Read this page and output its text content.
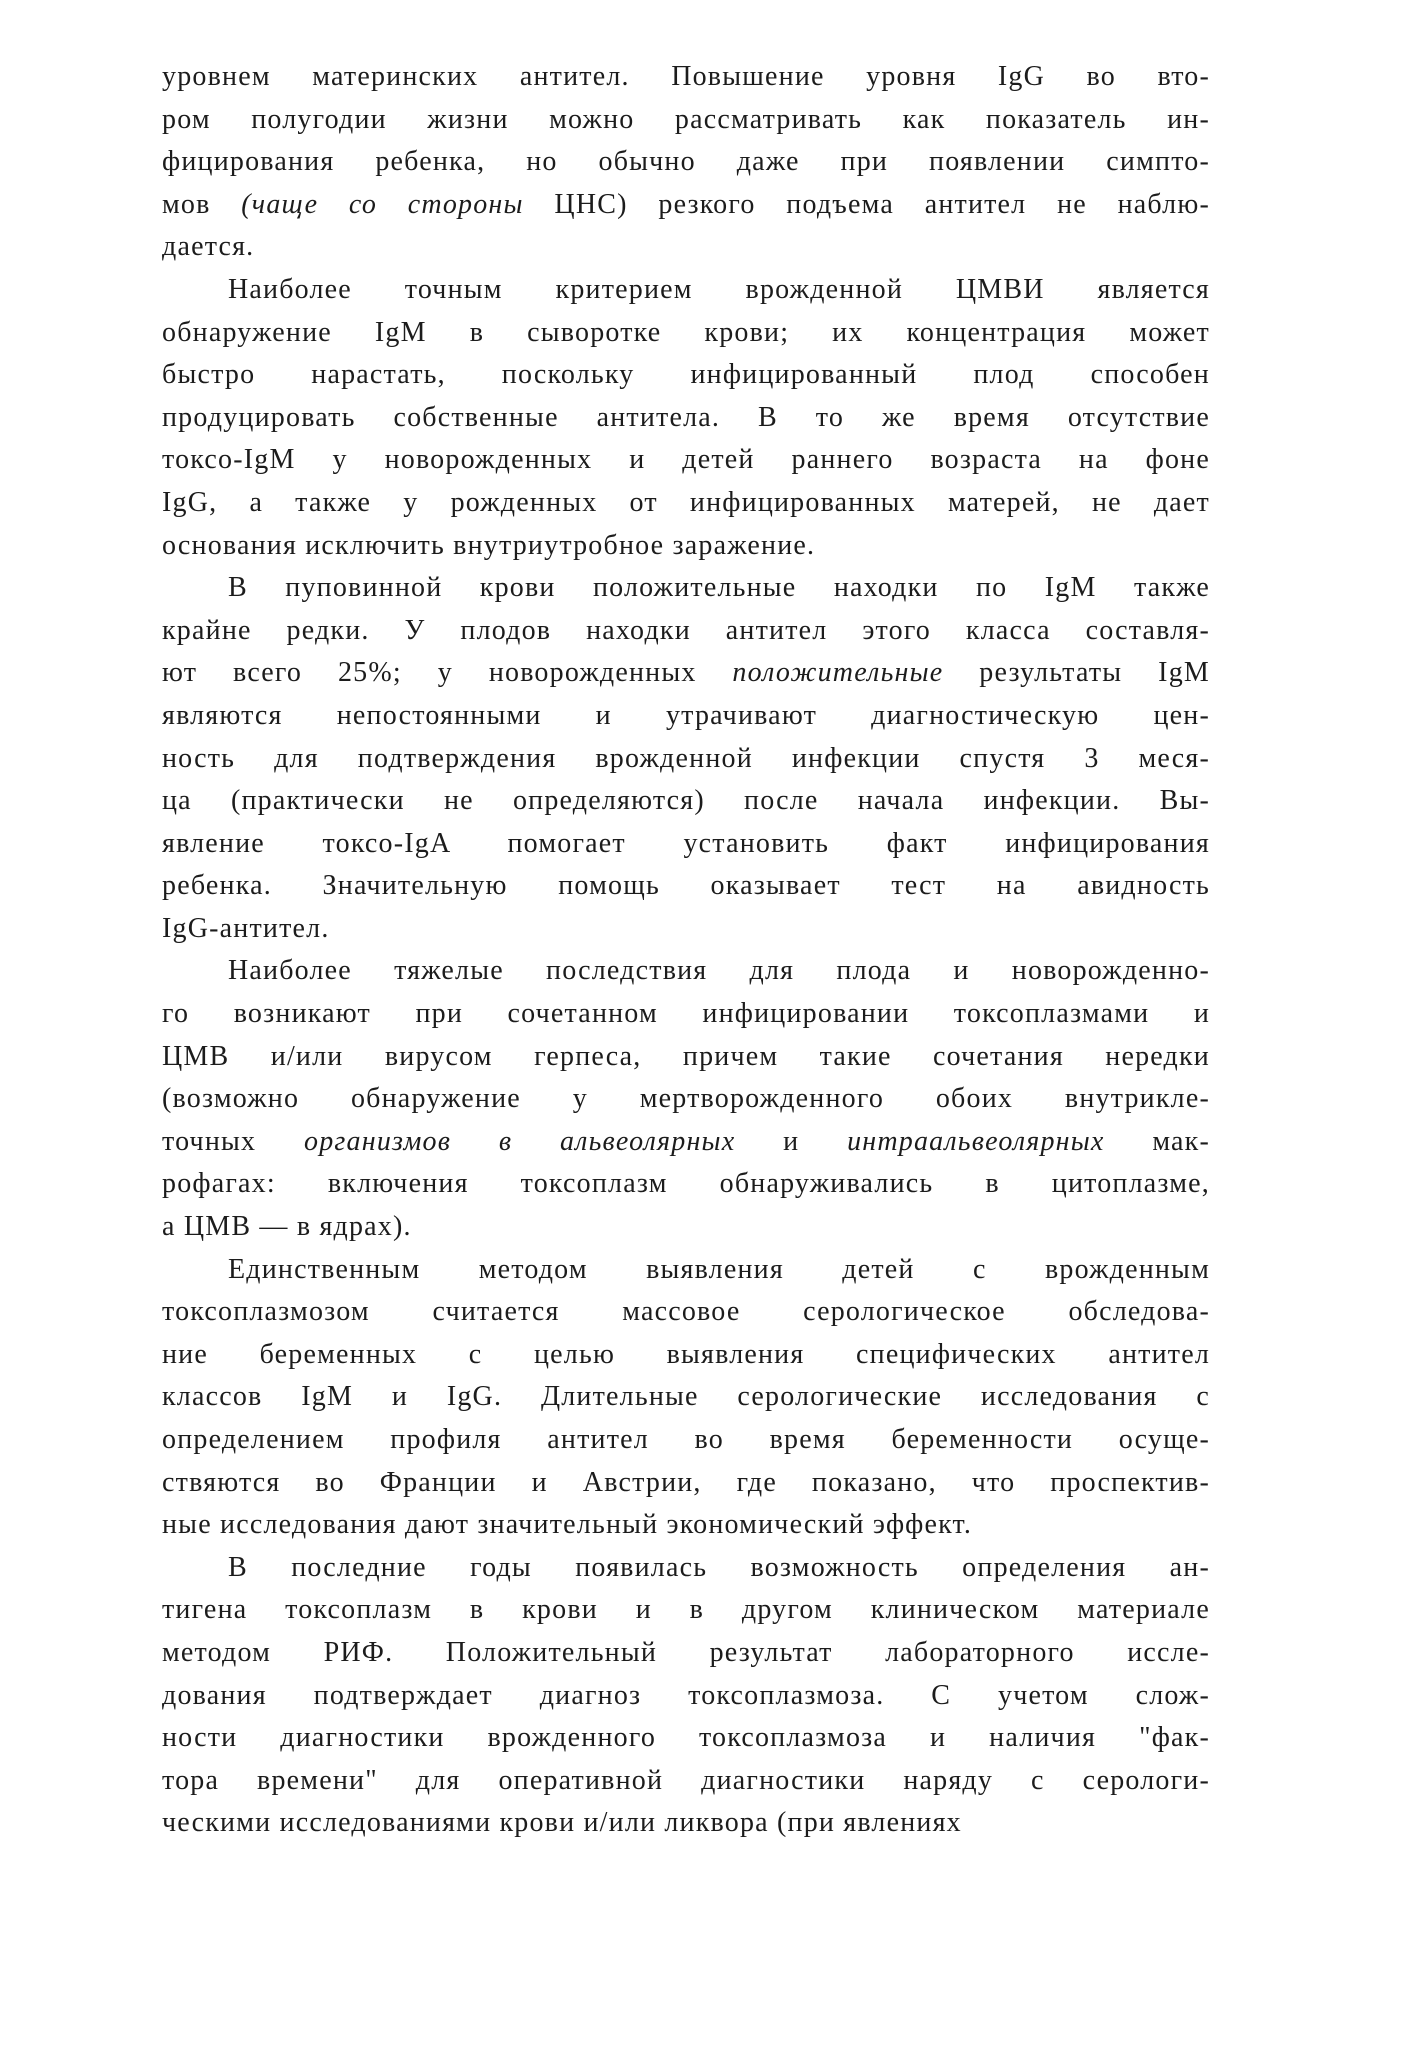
уровнем материнских антител. Повышение уровня IgG во вто-
ром полугодии жизни можно рассматривать как показатель ин-
фицирования ребенка, но обычно даже при появлении симпто-
мов (чаще со стороны ЦНС) резкого подъема антител не наблю-
дается.
Наиболее точным критерием врожденной ЦМВИ является
обнаружение IgM в сыворотке крови; их концентрация может
быстро нарастать, поскольку инфицированный плод способен
продуцировать собственные антитела. В то же время отсутствие
токсо-IgM у новорожденных и детей раннего возраста на фоне
IgG, а также у рожденных от инфицированных матерей, не дает
основания исключить внутриутробное заражение.
В пуповинной крови положительные находки по IgM также
крайне редки. У плодов находки антител этого класса составля-
ют всего 25%; у новорожденных положительные результаты IgM
являются непостоянными и утрачивают диагностическую цен-
ность для подтверждения врожденной инфекции спустя 3 меся-
ца (практически не определяются) после начала инфекции. Вы-
явление токсо-IgA помогает установить факт инфицирования
ребенка. Значительную помощь оказывает тест на авидность
IgG-антител.
Наиболее тяжелые последствия для плода и новорожденно-
го возникают при сочетанном инфицировании токсоплазмами и
ЦМВ и/или вирусом герпеса, причем такие сочетания нередки
(возможно обнаружение у мертворожденного обоих внутрикле-
точных организмов в альвеолярных и интраальвеолярных мак-
рофагах: включения токсоплазм обнаруживались в цитоплазме,
а ЦМВ — в ядрах).
Единственным методом выявления детей с врожденным
токсоплазмозом считается массовое серологическое обследова-
ние беременных с целью выявления специфических антител
классов IgM и IgG. Длительные серологические исследования с
определением профиля антител во время беременности осуще-
ствяются во Франции и Австрии, где показано, что проспектив-
ные исследования дают значительный экономический эффект.
В последние годы появилась возможность определения ан-
тигена токсоплазм в крови и в другом клиническом материале
методом РИФ. Положительный результат лабораторного иссле-
дования подтверждает диагноз токсоплазмоза. С учетом слож-
ности диагностики врожденного токсоплазмоза и наличия "фак-
тора времени" для оперативной диагностики наряду с серологи-
ческими исследованиями крови и/или ликвора (при явлениях
